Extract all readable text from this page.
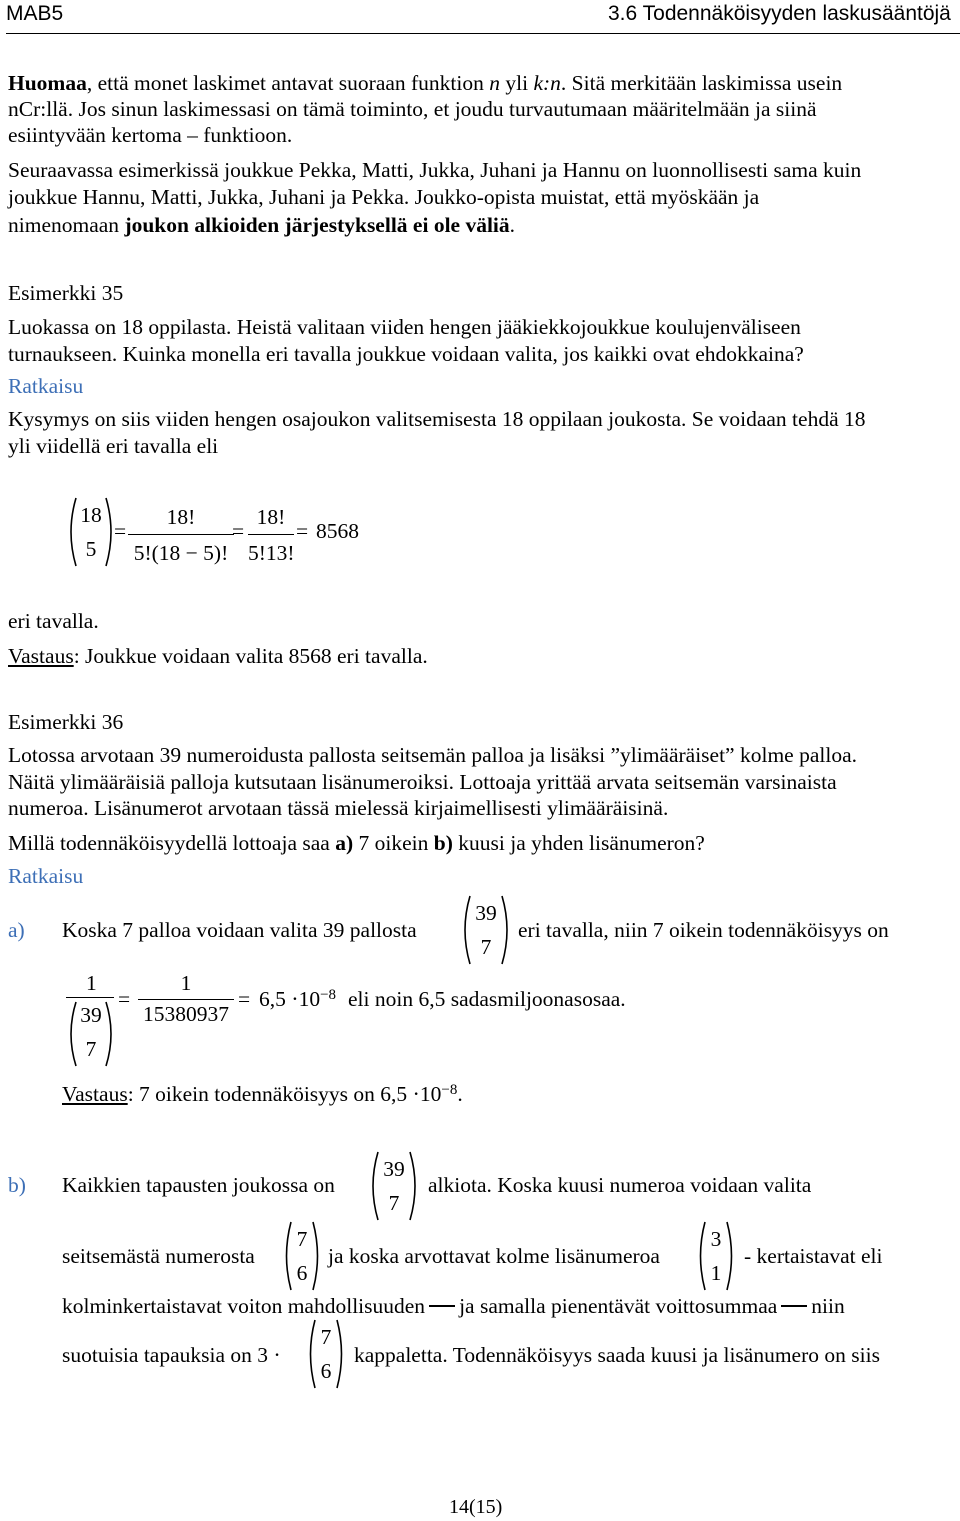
MAB5	3.6 Todennäköisyyden laskusääntöjä
Huomaa, että monet laskimet antavat suoraan funktion n yli k:n. Sitä merkitään laskimissa usein
nCr:llä. Jos sinun laskimessasi on tämä toiminto, et joudu turvautumaan määritelmään ja siinä
esiintyvään kertoma – funktioon.
Seuraavassa esimerkissä joukkue Pekka, Matti, Jukka, Juhani ja Hannu on luonnollisesti sama kuin
joukkue Hannu, Matti, Jukka, Juhani ja Pekka. Joukko-opista muistat, että myöskään ja
nimenomaan joukon alkioiden järjestyksellä ei ole väliä.
Esimerkki 35
Luokassa on 18 oppilasta. Heistä valitaan viiden hengen jääkiekkojoukkue koulujenväliseen
turnaukseen. Kuinka monella eri tavalla joukkue voidaan valita, jos kaikki ovat ehdokkaina?
Ratkaisu
Kysymys on siis viiden hengen osajoukon valitsemisesta 18 oppilaan joukosta. Se voidaan tehdä 18
yli viidellä eri tavalla eli
18
5
=
18!
5!(18 − 5)!
=
18!
5!13!
= 8568
eri tavalla.
Vastaus: Joukkue voidaan valita 8568 eri tavalla.
Esimerkki 36
Lotossa arvotaan 39 numeroidusta pallosta seitsemän palloa ja lisäksi ”ylimääräiset” kolme palloa.
Näitä ylimääräisiä palloja kutsutaan lisänumeroiksi. Lottoaja yrittää arvata seitsemän varsinaista
numeroa. Lisänumerot arvotaan tässä mielessä kirjaimellisesti ylimääräisinä.
Millä todennäköisyydellä lottoaja saa a) 7 oikein b) kuusi ja yhden lisänumeron?
Ratkaisu
a) Koska 7 palloa voidaan valita 39 pallosta
39
7
eri tavalla, niin 7 oikein todennäköisyys on
1
39
7
=
1
15380937
= $6,5 \cdot 10^{-8}$ eli noin 6,5 sadasmiljoonasosaa.
Vastaus: 7 oikein todennäköisyys on $6,5 \cdot 10^{-8}$.
b) Kaikkien tapausten joukossa on
39
7
alkiota. Koska kuusi numeroa voidaan valita
seitsemästä numerosta
7
6
ja koska arvottavat kolme lisänumeroa
3
1
- kertaistavat eli
kolminkertaistavat voiton mahdollisuuden ja samalla pienentävät voittosummaa niin
suotuisia tapauksia on 3 ·
7
6
kappaletta. Todennäköisyys saada kuusi ja lisänumero on siis
14(15)
